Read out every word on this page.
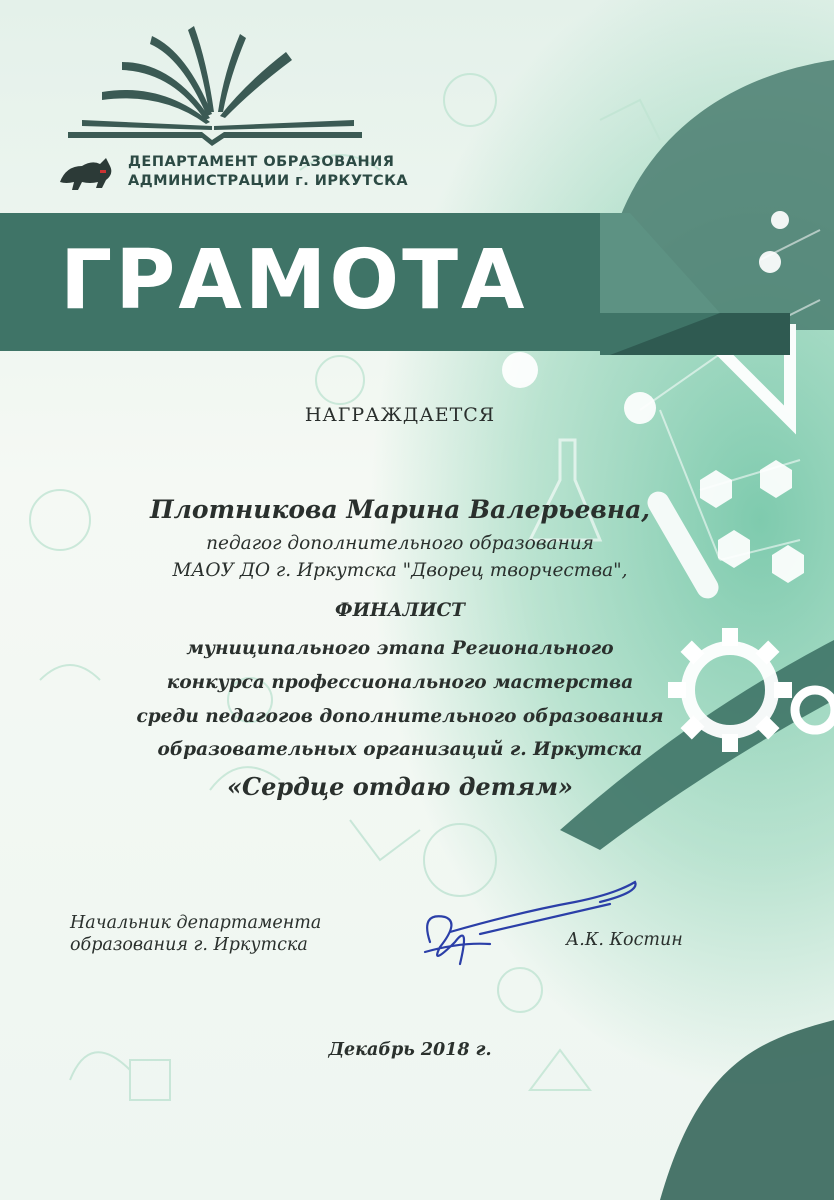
ДЕПАРТАМЕНТ ОБРАЗОВАНИЯ
АДМИНИСТРАЦИИ г. ИРКУТСКА
ГРАМОТА
НАГРАЖДАЕТСЯ
Плотникова Марина Валерьевна,
педагог дополнительного образования
МАОУ ДО г. Иркутска "Дворец творчества",
ФИНАЛИСТ
муниципального этапа Регионального
конкурса профессионального мастерства
среди педагогов дополнительного образования
образовательных организаций г. Иркутска
«Сердце отдаю детям»
Начальник департамента
образования г. Иркутска	А.К. Костин
Декабрь 2018 г.
